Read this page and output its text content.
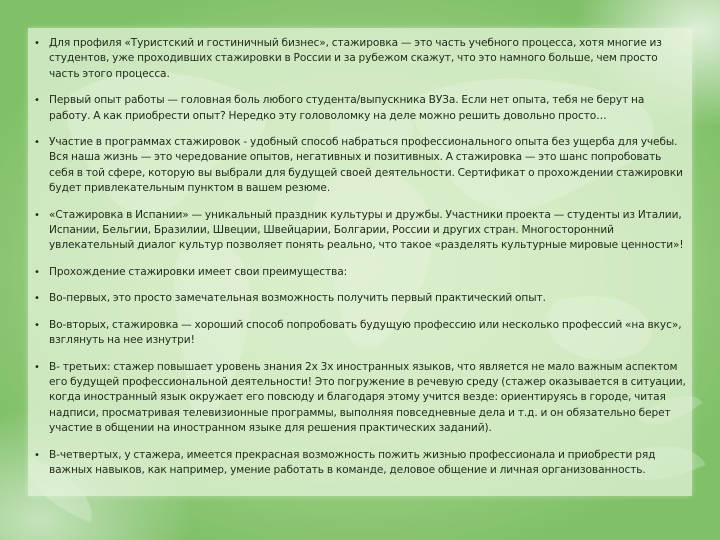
• Для профиля «Туристский и гостиничный бизнес», стажировка — это часть учебного процесса, хотя многие из студентов, уже проходивших стажировки в России и за рубежом скажут, что это намного больше, чем просто часть этого процесса.
• Первый опыт работы — головная боль любого студента/выпускника ВУЗа. Если нет опыта, тебя не берут на работу. А как приобрести опыт? Нередко эту головоломку на деле можно решить довольно просто…
• Участие в программах стажировок - удобный способ набраться профессионального опыта без ущерба для учебы. Вся наша жизнь — это чередование опытов, негативных и позитивных. А стажировка — это шанс попробовать себя в той сфере, которую вы выбрали для будущей своей деятельности. Сертификат о прохождении стажировки будет привлекательным пунктом в вашем резюме.
• «Стажировка в Испании» — уникальный праздник культуры и дружбы. Участники проекта — студенты из Италии, Испании, Бельгии, Бразилии, Швеции, Швейцарии, Болгарии, России и других стран. Многосторонний увлекательный диалог культур позволяет понять реально, что такое «разделять культурные мировые ценности»!
• Прохождение стажировки имеет свои преимущества:
• Во-первых, это просто замечательная возможность получить первый практический опыт.
• Во-вторых, стажировка — хороший способ попробовать будущую профессию или несколько профессий «на вкус», взглянуть на нее изнутри!
• В- третьих: стажер повышает уровень знания 2х 3х иностранных языков, что является не мало важным аспектом его будущей профессиональной деятельности! Это погружение в речевую среду (стажер оказывается в ситуации, когда иностранный язык окружает его повсюду и благодаря этому учится везде: ориентируясь в городе, читая надписи, просматривая телевизионные программы, выполняя повседневные дела и т.д. и он обязательно берет участие в общении на иностранном языке для решения практических заданий).
• В-четвертых, у стажера, имеется прекрасная возможность пожить жизнью профессионала и приобрести ряд важных навыков, как например, умение работать в команде, деловое общение и личная организованность.
